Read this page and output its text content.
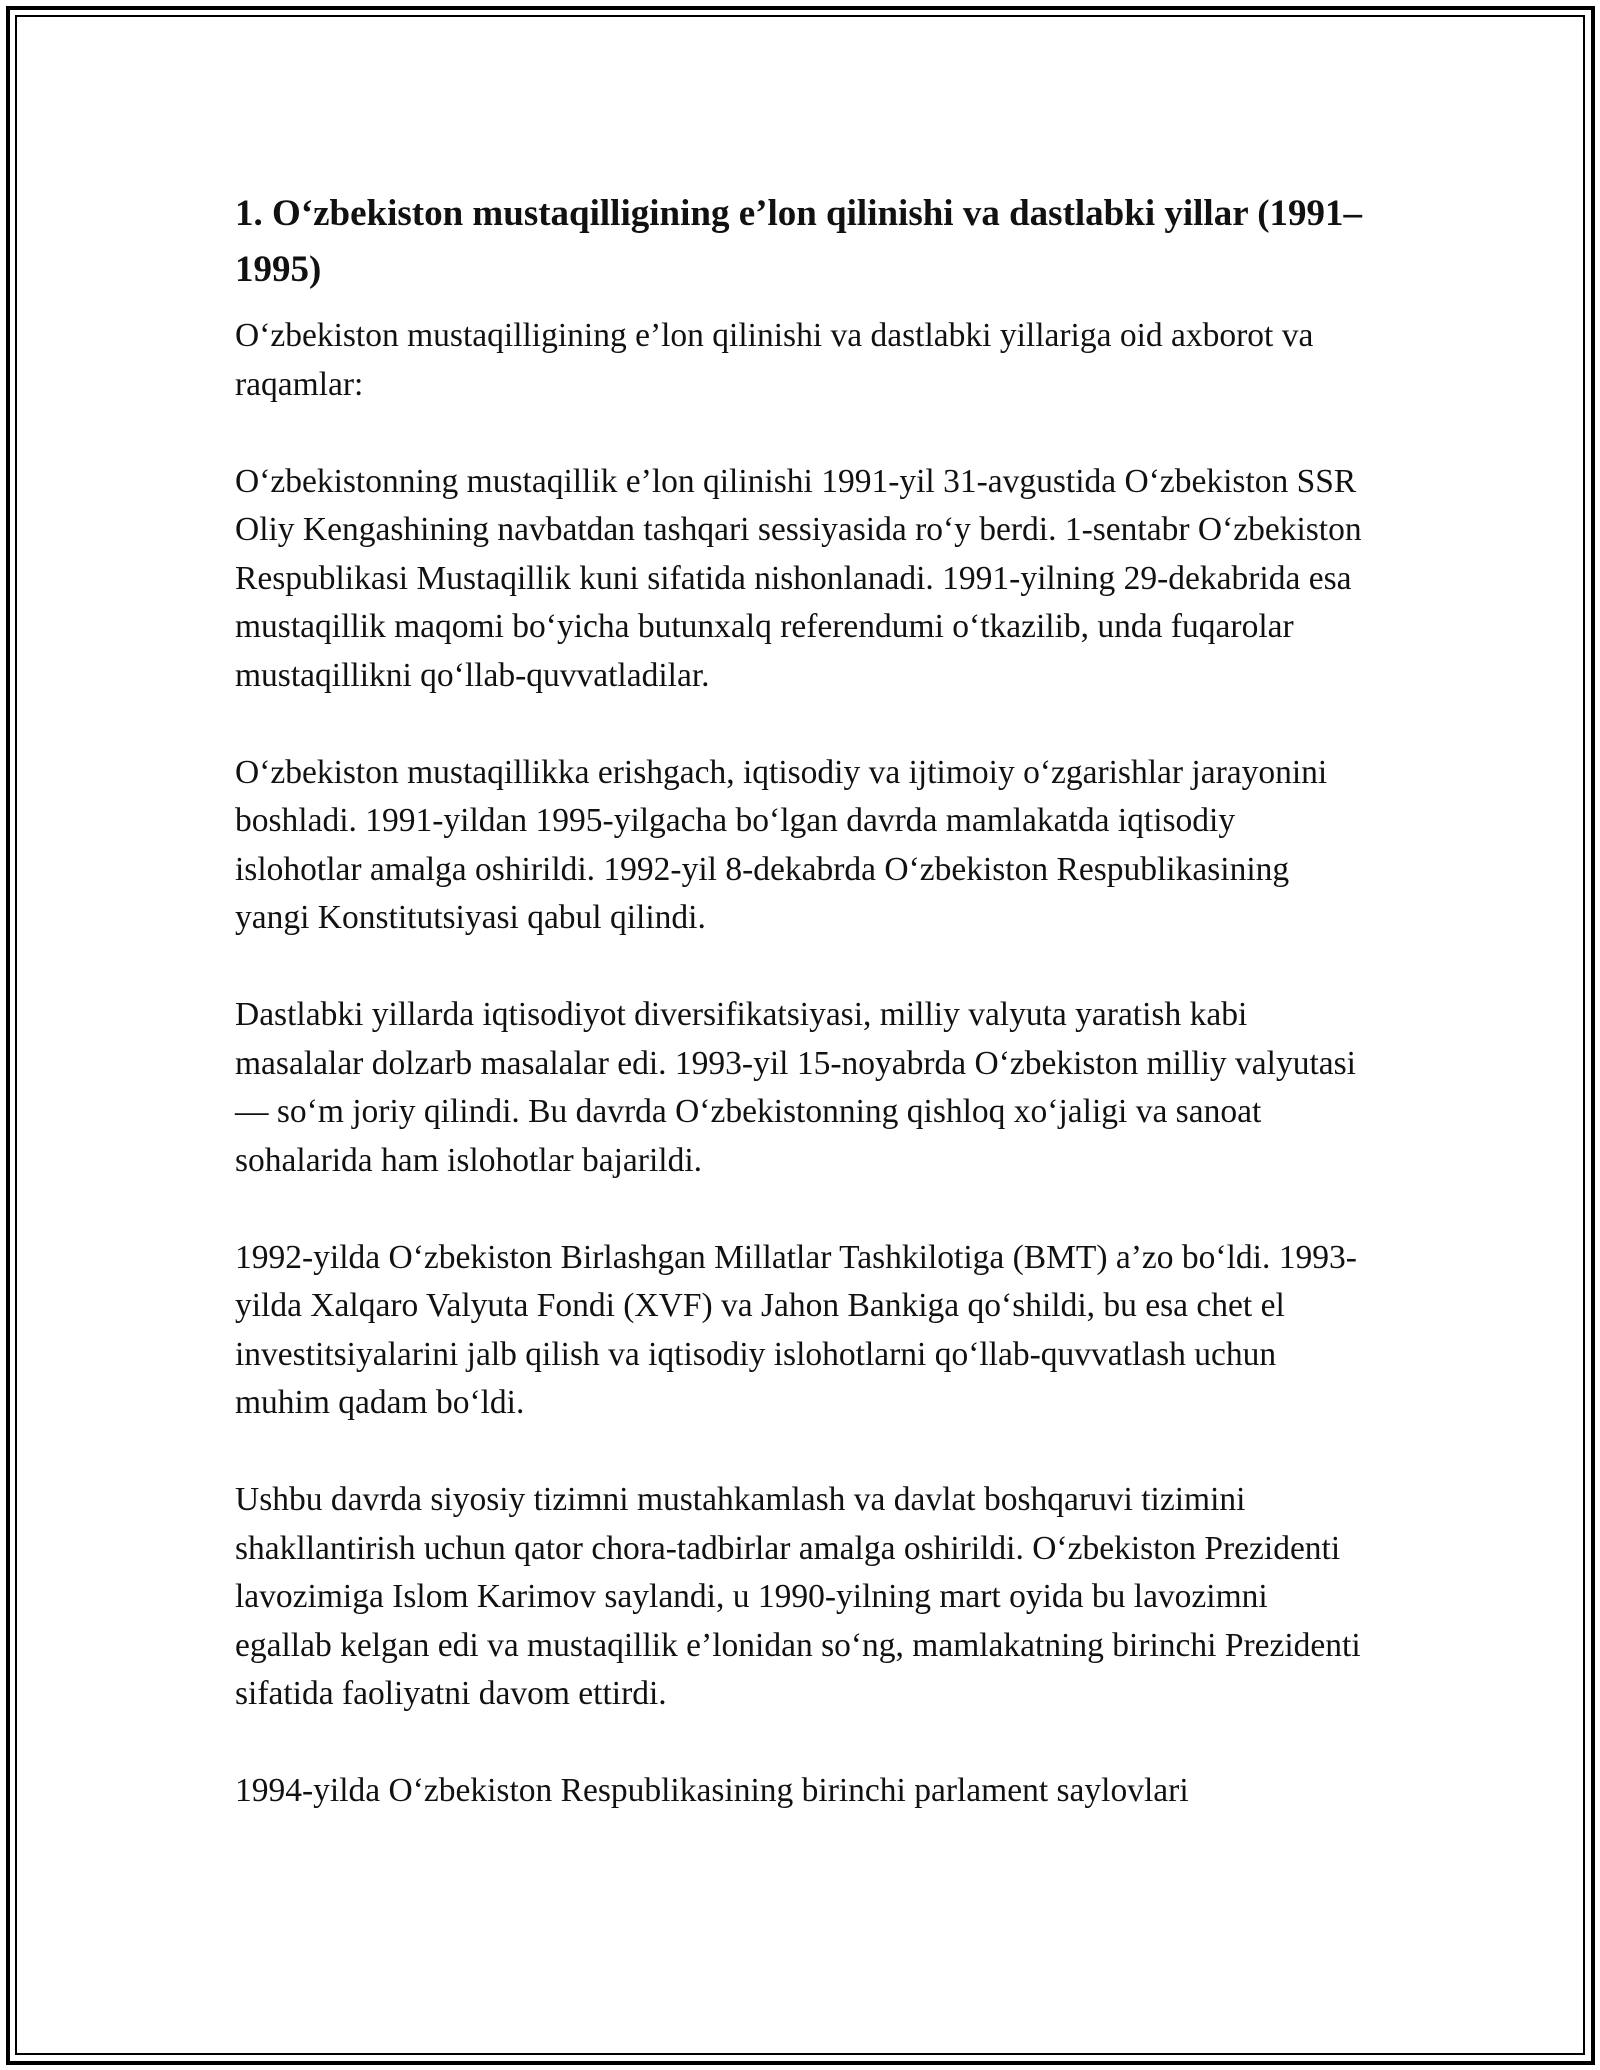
1. O‘zbekiston mustaqilligining e’lon qilinishi va dastlabki yillar (1991–1995)

O‘zbekiston mustaqilligining e’lon qilinishi va dastlabki yillariga oid axborot va raqamlar:

O‘zbekistonning mustaqillik e’lon qilinishi 1991-yil 31-avgustida O‘zbekiston SSR Oliy Kengashining navbatdan tashqari sessiyasida ro‘y berdi. 1-sentabr O‘zbekiston Respublikasi Mustaqillik kuni sifatida nishonlanadi. 1991-yilning 29-dekabrida esa mustaqillik maqomi bo‘yicha butunxalq referendumi o‘tkazilib, unda fuqarolar mustaqillikni qo‘llab-quvvatladilar.

O‘zbekiston mustaqillikka erishgach, iqtisodiy va ijtimoiy o‘zgarishlar jarayonini boshladi. 1991-yildan 1995-yilgacha bo‘lgan davrda mamlakatda iqtisodiy islohotlar amalga oshirildi. 1992-yil 8-dekabrda O‘zbekiston Respublikasining yangi Konstitutsiyasi qabul qilindi.

Dastlabki yillarda iqtisodiyot diversifikatsiyasi, milliy valyuta yaratish kabi masalalar dolzarb masalalar edi. 1993-yil 15-noyabrda O‘zbekiston milliy valyutasi — so‘m joriy qilindi. Bu davrda O‘zbekistonning qishloq xo‘jaligi va sanoat sohalarida ham islohotlar bajarildi.

1992-yilda O‘zbekiston Birlashgan Millatlar Tashkilotiga (BMT) a’zo bo‘ldi. 1993-yilda Xalqaro Valyuta Fondi (XVF) va Jahon Bankiga qo‘shildi, bu esa chet el investitsiyalarini jalb qilish va iqtisodiy islohotlarni qo‘llab-quvvatlash uchun muhim qadam bo‘ldi.

Ushbu davrda siyosiy tizimni mustahkamlash va davlat boshqaruvi tizimini shakllantirish uchun qator chora-tadbirlar amalga oshirildi. O‘zbekiston Prezidenti lavozimiga Islom Karimov saylandi, u 1990-yilning mart oyida bu lavozimni egallab kelgan edi va mustaqillik e’lonidan so‘ng, mamlakatning birinchi Prezidenti sifatida faoliyatni davom ettirdi.

1994-yilda O‘zbekiston Respublikasining birinchi parlament saylovlari
